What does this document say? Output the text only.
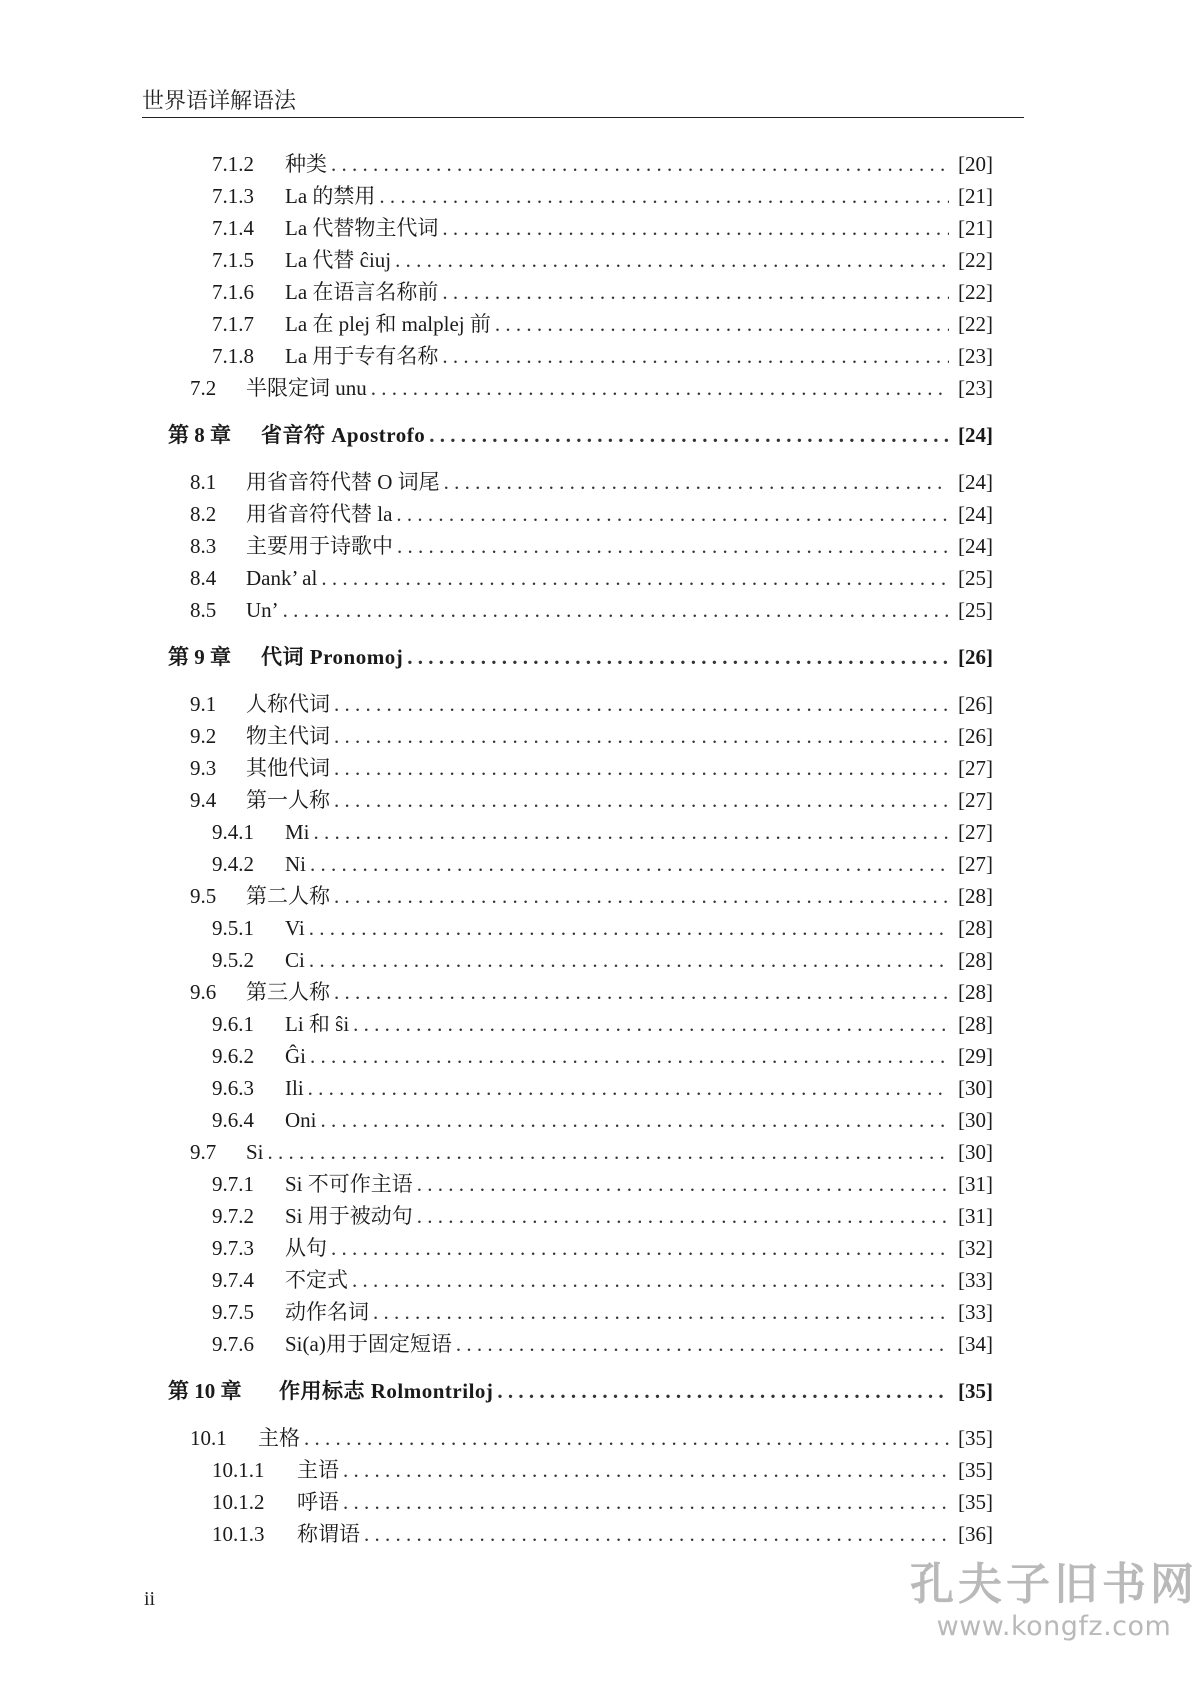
世界语详解语法
7.1.2	种类 . . .	[20]
7.1.3	La 的禁用 . . .	[21]
7.1.4	La 代替物主代词 . . .	[21]
7.1.5	La 代替 ĉiuj . . .	[22]
7.1.6	La 在语言名称前 . . .	[22]
7.1.7	La 在 plej 和 malplej 前 . . .	[22]
7.1.8	La 用于专有名称 . . .	[23]
7.2	半限定词 unu . . .	[23]
第 8 章	省音符 Apostrofo . . .	[24]
8.1	用省音符代替 O 词尾 . . .	[24]
8.2	用省音符代替 la . . .	[24]
8.3	主要用于诗歌中 . . .	[24]
8.4	Dank’ al . . .	[25]
8.5	Un’ . . .	[25]
第 9 章	代词 Pronomoj . . .	[26]
9.1	人称代词 . . .	[26]
9.2	物主代词 . . .	[26]
9.3	其他代词 . . .	[27]
9.4	第一人称 . . .	[27]
9.4.1	Mi . . .	[27]
9.4.2	Ni . . .	[27]
9.5	第二人称 . . .	[28]
9.5.1	Vi . . .	[28]
9.5.2	Ci . . .	[28]
9.6	第三人称 . . .	[28]
9.6.1	Li 和 ŝi . . .	[28]
9.6.2	Ĝi . . .	[29]
9.6.3	Ili . . .	[30]
9.6.4	Oni . . .	[30]
9.7	Si . . .	[30]
9.7.1	Si 不可作主语 . . .	[31]
9.7.2	Si 用于被动句 . . .	[31]
9.7.3	从句 . . .	[32]
9.7.4	不定式 . . .	[33]
9.7.5	动作名词 . . .	[33]
9.7.6	Si(a)用于固定短语 . . .	[34]
第 10 章	作用标志 Rolmontriloj . . .	[35]
10.1	主格 . . .	[35]
10.1.1	主语 . . .	[35]
10.1.2	呼语 . . .	[35]
10.1.3	称谓语 . . .	[36]
ii	孔夫子旧书网
www.kongfz.com
